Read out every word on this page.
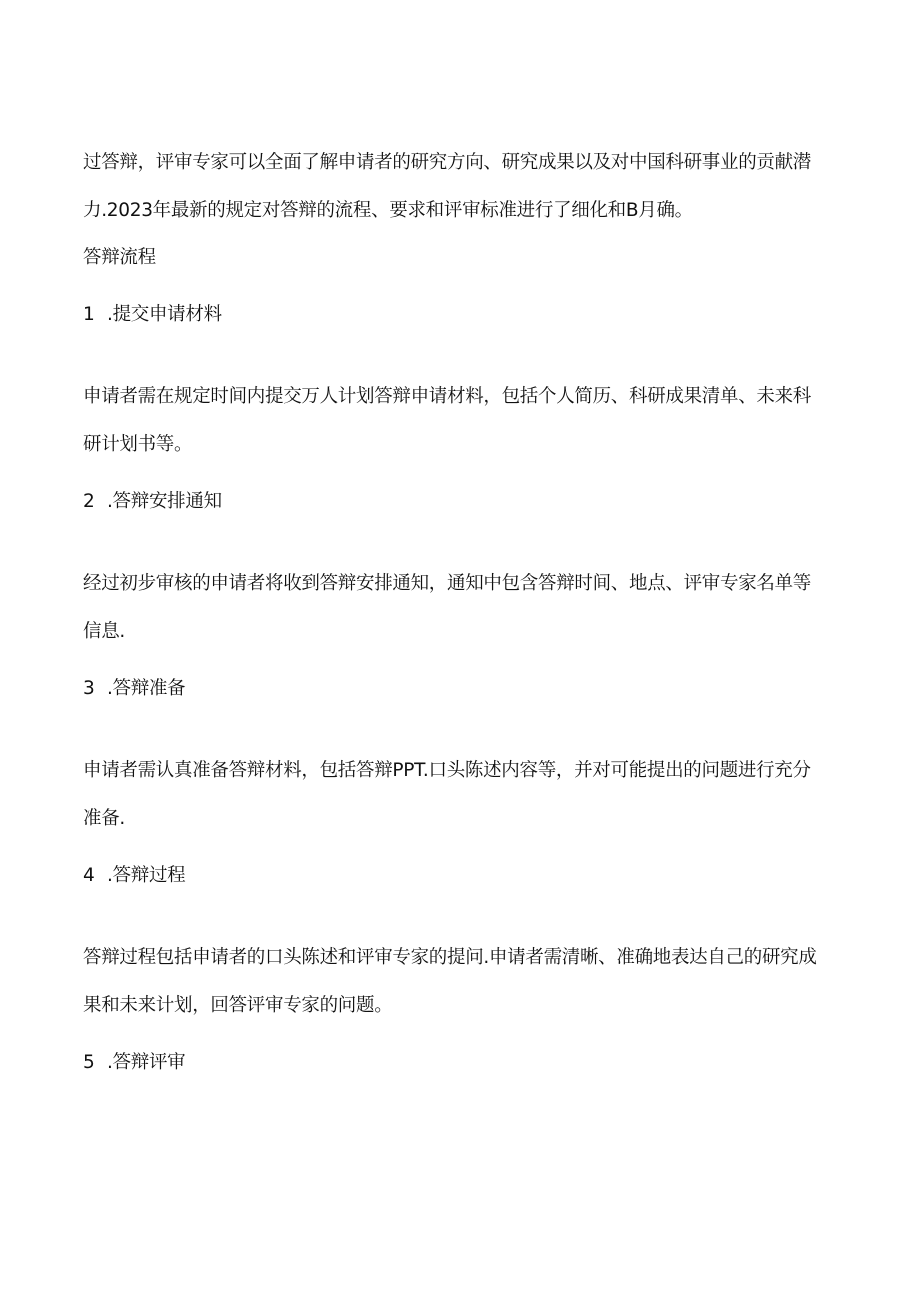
过答辩，评审专家可以全面了解申请者的研究方向、研究成果以及对中国科研事业的贡献潜
力.2023年最新的规定对答辩的流程、要求和评审标准进行了细化和B月确。
答辩流程
1 .提交申请材料
申请者需在规定时间内提交万人计划答辩申请材料，包括个人简历、科研成果清单、未来科
研计划书等。
2 .答辩安排通知
经过初步审核的申请者将收到答辩安排通知，通知中包含答辩时间、地点、评审专家名单等
信息.
3 .答辩准备
申请者需认真准备答辩材料，包括答辩PPT.口头陈述内容等，并对可能提出的问题进行充分
准备.
4 .答辩过程
答辩过程包括申请者的口头陈述和评审专家的提问.申请者需清晰、准确地表达自己的研究成
果和未来计划，回答评审专家的问题。
5 .答辩评审
